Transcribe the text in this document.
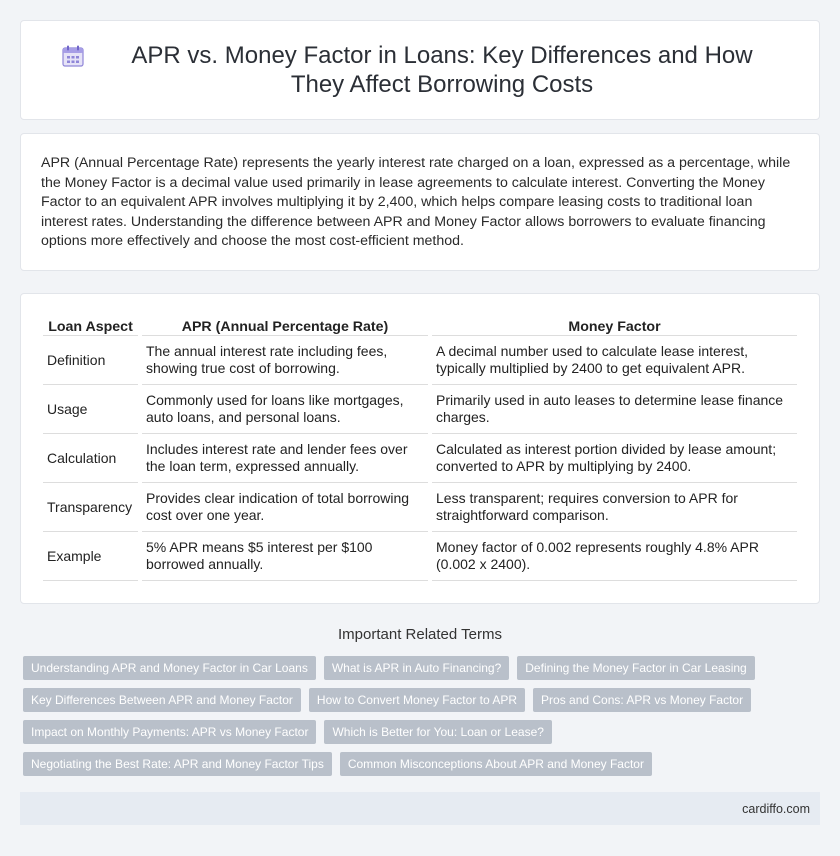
APR vs. Money Factor in Loans: Key Differences and How They Affect Borrowing Costs

APR (Annual Percentage Rate) represents the yearly interest rate charged on a loan, expressed as a percentage, while the Money Factor is a decimal value used primarily in lease agreements to calculate interest. Converting the Money Factor to an equivalent APR involves multiplying it by 2,400, which helps compare leasing costs to traditional loan interest rates. Understanding the difference between APR and Money Factor allows borrowers to evaluate financing options more effectively and choose the most cost-efficient method.

Loan Aspect	APR (Annual Percentage Rate)	Money Factor
Definition	The annual interest rate including fees, showing true cost of borrowing.	A decimal number used to calculate lease interest, typically multiplied by 2400 to get equivalent APR.
Usage	Commonly used for loans like mortgages, auto loans, and personal loans.	Primarily used in auto leases to determine lease finance charges.
Calculation	Includes interest rate and lender fees over the loan term, expressed annually.	Calculated as interest portion divided by lease amount; converted to APR by multiplying by 2400.
Transparency	Provides clear indication of total borrowing cost over one year.	Less transparent; requires conversion to APR for straightforward comparison.
Example	5% APR means $5 interest per $100 borrowed annually.	Money factor of 0.002 represents roughly 4.8% APR (0.002 x 2400).
Important Related Terms
Understanding APR and Money Factor in Car Loans	What is APR in Auto Financing?	Defining the Money Factor in Car Leasing
Key Differences Between APR and Money Factor	How to Convert Money Factor to APR	Pros and Cons: APR vs Money Factor
Impact on Monthly Payments: APR vs Money Factor	Which is Better for You: Loan or Lease?
Negotiating the Best Rate: APR and Money Factor Tips	Common Misconceptions About APR and Money Factor
cardiffo.com
